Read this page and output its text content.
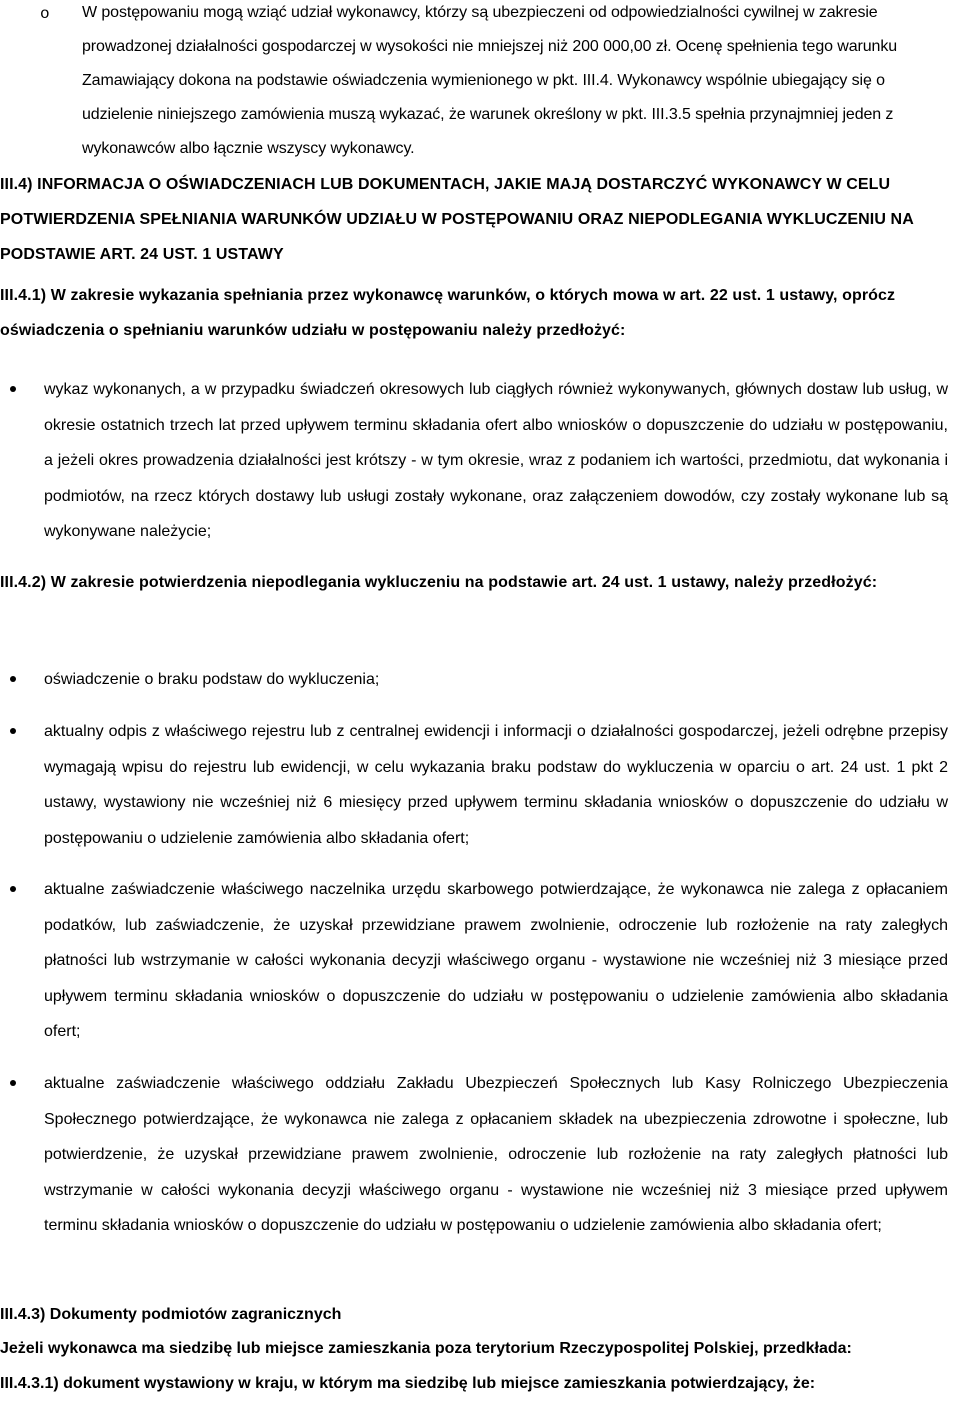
o W postępowaniu mogą wziąć udział wykonawcy, którzy są ubezpieczeni od odpowiedzialności cywilnej w zakresie prowadzonej działalności gospodarczej w wysokości nie mniejszej niż 200 000,00 zł. Ocenę spełnienia tego warunku Zamawiający dokona na podstawie oświadczenia wymienionego w pkt. III.4. Wykonawcy wspólnie ubiegający się o udzielenie niniejszego zamówienia muszą wykazać, że warunek określony w pkt. III.3.5 spełnia przynajmniej jeden z wykonawców albo łącznie wszyscy wykonawcy.
III.4) INFORMACJA O OŚWIADCZENIACH LUB DOKUMENTACH, JAKIE MAJĄ DOSTARCZYĆ WYKONAWCY W CELU POTWIERDZENIA SPEŁNIANIA WARUNKÓW UDZIAŁU W POSTĘPOWANIU ORAZ NIEPODLEGANIA WYKLUCZENIU NA PODSTAWIE ART. 24 UST. 1 USTAWY
III.4.1) W zakresie wykazania spełniania przez wykonawcę warunków, o których mowa w art. 22 ust. 1 ustawy, oprócz oświadczenia o spełnianiu warunków udziału w postępowaniu należy przedłożyć:
wykaz wykonanych, a w przypadku świadczeń okresowych lub ciągłych również wykonywanych, głównych dostaw lub usług, w okresie ostatnich trzech lat przed upływem terminu składania ofert albo wniosków o dopuszczenie do udziału w postępowaniu, a jeżeli okres prowadzenia działalności jest krótszy - w tym okresie, wraz z podaniem ich wartości, przedmiotu, dat wykonania i podmiotów, na rzecz których dostawy lub usługi zostały wykonane, oraz załączeniem dowodów, czy zostały wykonane lub są wykonywane należycie;
III.4.2) W zakresie potwierdzenia niepodlegania wykluczeniu na podstawie art. 24 ust. 1 ustawy, należy przedłożyć:
oświadczenie o braku podstaw do wykluczenia;
aktualny odpis z właściwego rejestru lub z centralnej ewidencji i informacji o działalności gospodarczej, jeżeli odrębne przepisy wymagają wpisu do rejestru lub ewidencji, w celu wykazania braku podstaw do wykluczenia w oparciu o art. 24 ust. 1 pkt 2 ustawy, wystawiony nie wcześniej niż 6 miesięcy przed upływem terminu składania wniosków o dopuszczenie do udziału w postępowaniu o udzielenie zamówienia albo składania ofert;
aktualne zaświadczenie właściwego naczelnika urzędu skarbowego potwierdzające, że wykonawca nie zalega z opłacaniem podatków, lub zaświadczenie, że uzyskał przewidziane prawem zwolnienie, odroczenie lub rozłożenie na raty zaległych płatności lub wstrzymanie w całości wykonania decyzji właściwego organu - wystawione nie wcześniej niż 3 miesiące przed upływem terminu składania wniosków o dopuszczenie do udziału w postępowaniu o udzielenie zamówienia albo składania ofert;
aktualne zaświadczenie właściwego oddziału Zakładu Ubezpieczeń Społecznych lub Kasy Rolniczego Ubezpieczenia Społecznego potwierdzające, że wykonawca nie zalega z opłacaniem składek na ubezpieczenia zdrowotne i społeczne, lub potwierdzenie, że uzyskał przewidziane prawem zwolnienie, odroczenie lub rozłożenie na raty zaległych płatności lub wstrzymanie w całości wykonania decyzji właściwego organu - wystawione nie wcześniej niż 3 miesiące przed upływem terminu składania wniosków o dopuszczenie do udziału w postępowaniu o udzielenie zamówienia albo składania ofert;
III.4.3) Dokumenty podmiotów zagranicznych
Jeżeli wykonawca ma siedzibę lub miejsce zamieszkania poza terytorium Rzeczypospolitej Polskiej, przedkłada:
III.4.3.1) dokument wystawiony w kraju, w którym ma siedzibę lub miejsce zamieszkania potwierdzający, że:
